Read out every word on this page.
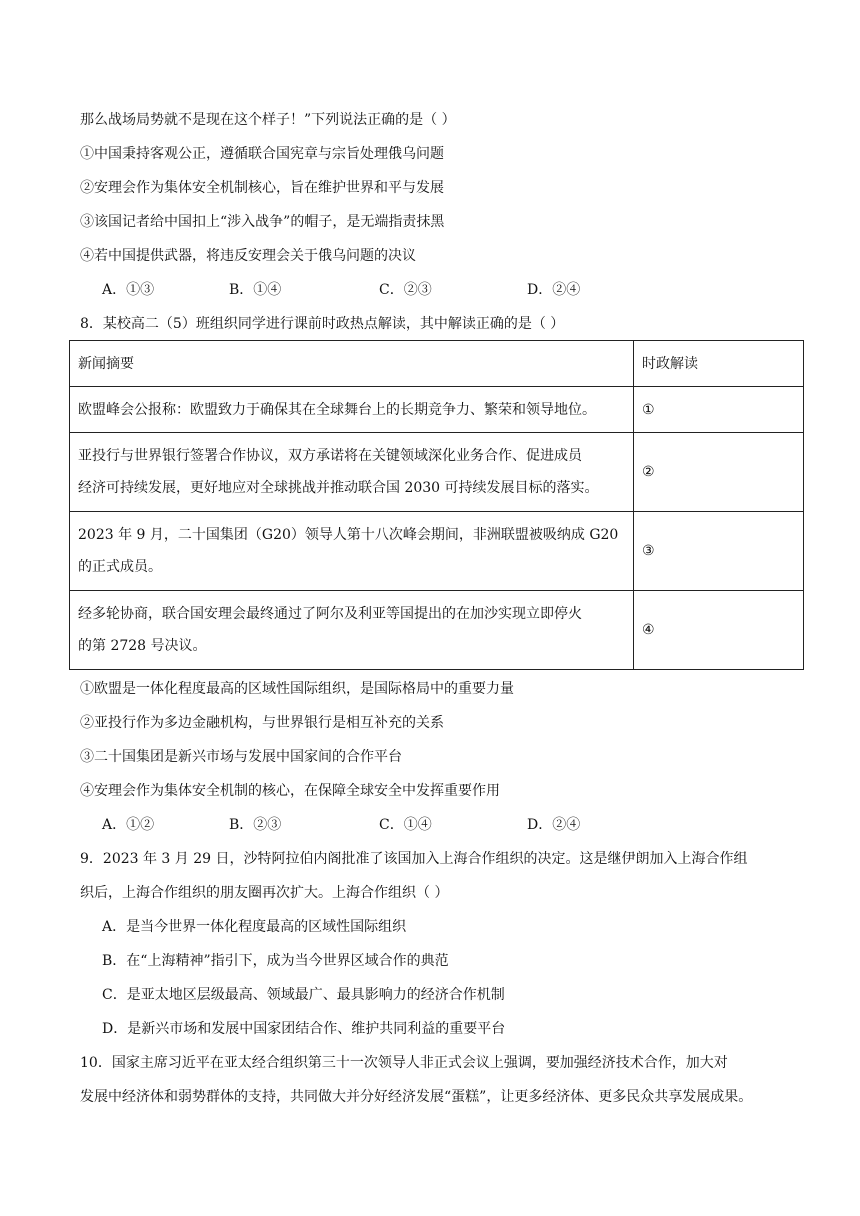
那么战场局势就不是现在这个样子！”下列说法正确的是（ ）
①中国秉持客观公正，遵循联合国宪章与宗旨处理俄乌问题
②安理会作为集体安全机制核心，旨在维护世界和平与发展
③该国记者给中国扣上“涉入战争”的帽子，是无端指责抹黑
④若中国提供武器，将违反安理会关于俄乌问题的决议
A．①③	B．①④	C．②③	D．②④
8．某校高二（5）班组织同学进行课前时政热点解读，其中解读正确的是（ ）
新闻摘要	时政解读
欧盟峰会公报称：欧盟致力于确保其在全球舞台上的长期竞争力、繁荣和领导地位。	①

亚投行与世界银行签署合作协议，双方承诺将在关键领域深化业务合作、促进成员
经济可持续发展，更好地应对全球挑战并推动联合国 2030 可持续发展目标的落实。	②

2023 年 9 月，二十国集团（G20）领导人第十八次峰会期间，非洲联盟被吸纳成 G20
的正式成员。	③

经多轮协商，联合国安理会最终通过了阿尔及利亚等国提出的在加沙实现立即停火
的第 2728 号决议。	④
①欧盟是一体化程度最高的区域性国际组织，是国际格局中的重要力量
②亚投行作为多边金融机构，与世界银行是相互补充的关系
③二十国集团是新兴市场与发展中国家间的合作平台
④安理会作为集体安全机制的核心，在保障全球安全中发挥重要作用
A．①②	B．②③	C．①④	D．②④
9．2023 年 3 月 29 日，沙特阿拉伯内阁批准了该国加入上海合作组织的决定。这是继伊朗加入上海合作组
织后，上海合作组织的朋友圈再次扩大。上海合作组织（ ）
A．是当今世界一体化程度最高的区域性国际组织
B．在“上海精神”指引下，成为当今世界区域合作的典范
C．是亚太地区层级最高、领域最广、最具影响力的经济合作机制
D．是新兴市场和发展中国家团结合作、维护共同利益的重要平台
10．国家主席习近平在亚太经合组织第三十一次领导人非正式会议上强调，要加强经济技术合作，加大对
发展中经济体和弱势群体的支持，共同做大并分好经济发展“蛋糕”，让更多经济体、更多民众共享发展成果。
